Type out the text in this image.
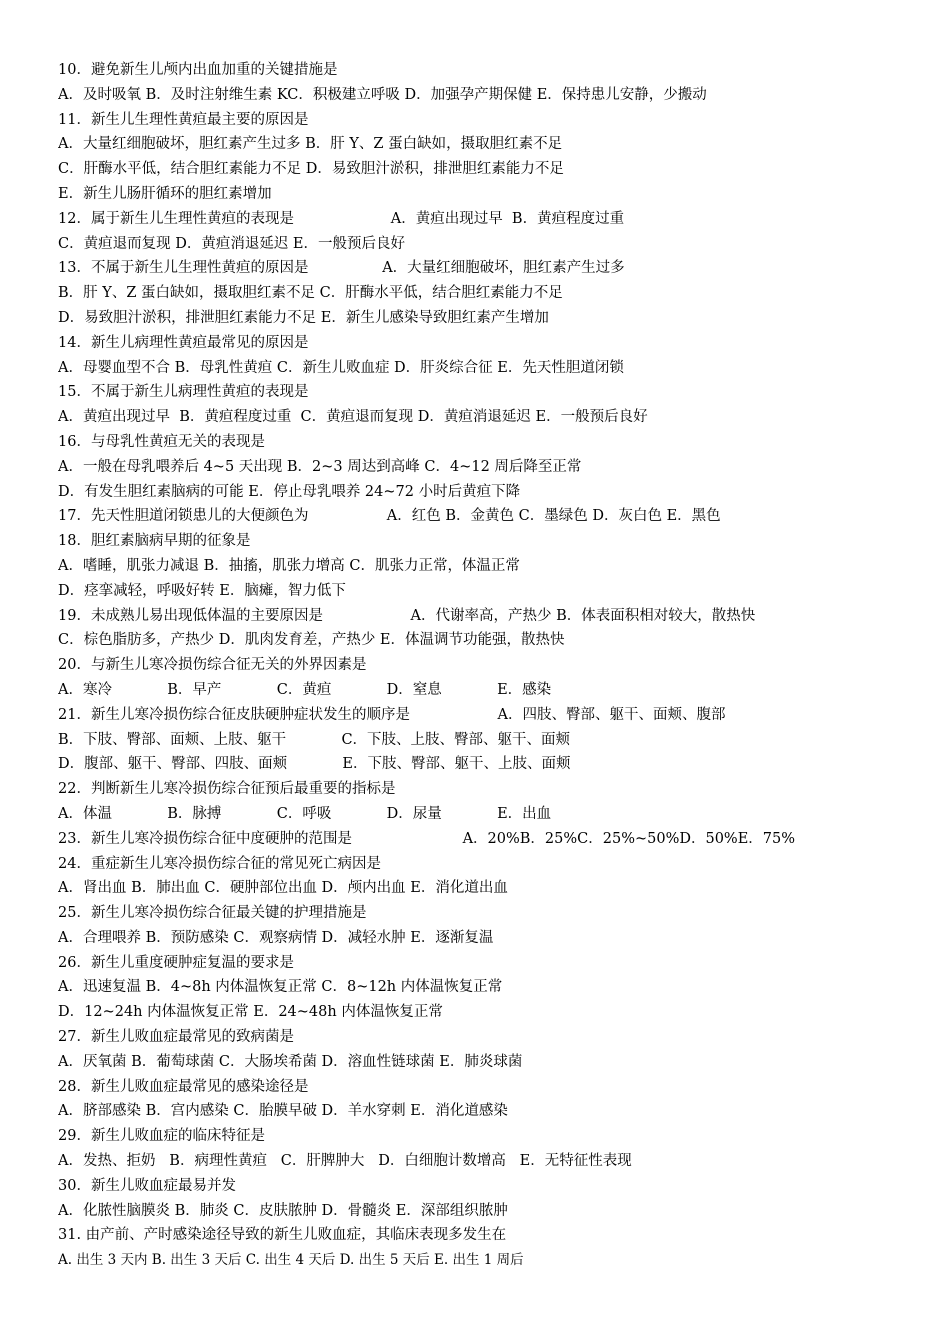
10．避免新生儿颅内出血加重的关键措施是
A．及时吸氧 B．及时注射维生素 KC．积极建立呼吸 D．加强孕产期保健 E．保持患儿安静，少搬动
11．新生儿生理性黄疸最主要的原因是
A．大量红细胞破坏，胆红素产生过多 B．肝 Y、Z 蛋白缺如，摄取胆红素不足
C．肝酶水平低，结合胆红素能力不足 D．易致胆汁淤积，排泄胆红素能力不足
E．新生儿肠肝循环的胆红素增加
12．属于新生儿生理性黄疸的表现是                     A．黄疸出现过早  B．黄疸程度过重
C．黄疸退而复现 D．黄疸消退延迟 E．一般预后良好
13．不属于新生儿生理性黄疸的原因是                A．大量红细胞破坏，胆红素产生过多
B．肝 Y、Z 蛋白缺如，摄取胆红素不足 C．肝酶水平低，结合胆红素能力不足
D．易致胆汁淤积，排泄胆红素能力不足 E．新生儿感染导致胆红素产生增加
14．新生儿病理性黄疸最常见的原因是
A．母婴血型不合 B．母乳性黄疸 C．新生儿败血症 D．肝炎综合征 E．先天性胆道闭锁
15．不属于新生儿病理性黄疸的表现是
A．黄疸出现过早  B．黄疸程度过重  C．黄疸退而复现 D．黄疸消退延迟 E．一般预后良好
16．与母乳性黄疸无关的表现是
A．一般在母乳喂养后 4~5 天出现 B．2~3 周达到高峰 C．4~12 周后降至正常
D．有发生胆红素脑病的可能 E．停止母乳喂养 24~72 小时后黄疸下降
17．先天性胆道闭锁患儿的大便颜色为                 A．红色 B．金黄色 C．墨绿色 D．灰白色 E．黑色
18．胆红素脑病早期的征象是
A．嗜睡，肌张力减退 B．抽搐，肌张力增高 C．肌张力正常，体温正常
D．痉挛减轻，呼吸好转 E．脑瘫，智力低下
19．未成熟儿易出现低体温的主要原因是                   A．代谢率高，产热少 B．体表面积相对较大，散热快
C．棕色脂肪多，产热少 D．肌肉发育差，产热少 E．体温调节功能强，散热快
20．与新生儿寒冷损伤综合征无关的外界因素是
A．寒冷            B．早产            C．黄疸            D．窒息            E．感染
21．新生儿寒冷损伤综合征皮肤硬肿症状发生的顺序是                   A．四肢、臀部、躯干、面颊、腹部
B．下肢、臀部、面颊、上肢、躯干            C．下肢、上肢、臀部、躯干、面颊
D．腹部、躯干、臀部、四肢、面颊            E．下肢、臀部、躯干、上肢、面颊
22．判断新生儿寒冷损伤综合征预后最重要的指标是
A．体温            B．脉搏            C．呼吸            D．尿量            E．出血
23．新生儿寒冷损伤综合征中度硬肿的范围是                        A．20%B．25%C．25%~50%D．50%E．75%
24．重症新生儿寒冷损伤综合征的常见死亡病因是
A．肾出血 B．肺出血 C．硬肿部位出血 D．颅内出血 E．消化道出血
25．新生儿寒冷损伤综合征最关键的护理措施是
A．合理喂养 B．预防感染 C．观察病情 D．减轻水肿 E．逐渐复温
26．新生儿重度硬肿症复温的要求是
A．迅速复温 B．4~8h 内体温恢复正常 C．8~12h 内体温恢复正常
D．12~24h 内体温恢复正常 E．24~48h 内体温恢复正常
27．新生儿败血症最常见的致病菌是
A．厌氧菌 B．葡萄球菌 C．大肠埃希菌 D．溶血性链球菌 E．肺炎球菌
28．新生儿败血症最常见的感染途径是
A．脐部感染 B．宫内感染 C．胎膜早破 D．羊水穿刺 E．消化道感染
29．新生儿败血症的临床特征是
A．发热、拒奶   B．病理性黄疸   C．肝脾肿大   D．白细胞计数增高   E．无特征性表现
30．新生儿败血症最易并发
A．化脓性脑膜炎 B．肺炎 C．皮肤脓肿 D．骨髓炎 E．深部组织脓肿
31. 由产前、产时感染途径导致的新生儿败血症，其临床表现多发生在
A. 出生 3 天内 B. 出生 3 天后 C. 出生 4 天后 D. 出生 5 天后 E. 出生 1 周后
